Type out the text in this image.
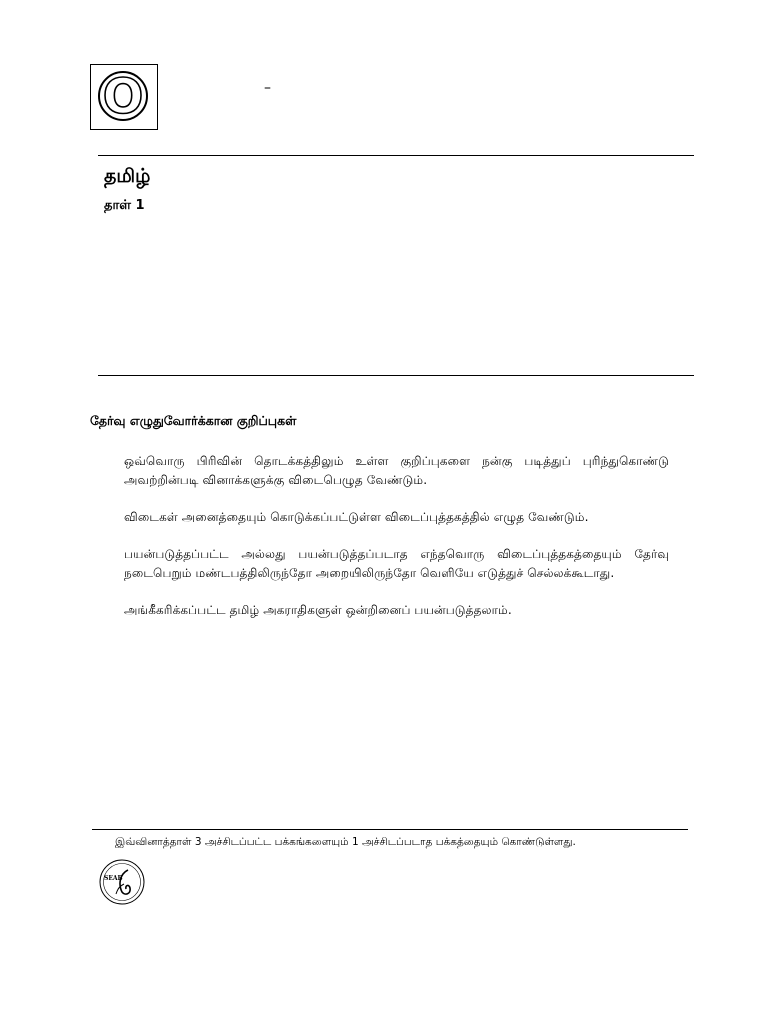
O	–
தமிழ்
தாள் 1
தேர்வு எழுதுவோர்க்கான குறிப்புகள்

ஒவ்வொரு பிரிவின் தொடக்கத்திலும் உள்ள குறிப்புகளை நன்கு படித்துப் புரிந்துகொண்டு அவற்றின்படி வினாக்களுக்கு விடைபெழுத வேண்டும்.

விடைகள் அனைத்தையும் கொடுக்கப்பட்டுள்ள விடைப்புத்தகத்தில் எழுத வேண்டும்.

பயன்படுத்தப்பட்ட அல்லது பயன்படுத்தப்படாத எந்தவொரு விடைப்புத்தகத்தையும் தேர்வு நடைபெறும் மண்டபத்திலிருந்தோ அறையிலிருந்தோ வெளியே எடுத்துச் செல்லக்கூடாது.

அங்கீகரிக்கப்பட்ட தமிழ் அகராதிகளுள் ஒன்றினைப் பயன்படுத்தலாம்.

இவ்வினாத்தாள் 3 அச்சிடப்பட்ட பக்கங்களையும் 1 அச்சிடப்படாத பக்கத்தையும் கொண்டுள்ளது.
SEAB
